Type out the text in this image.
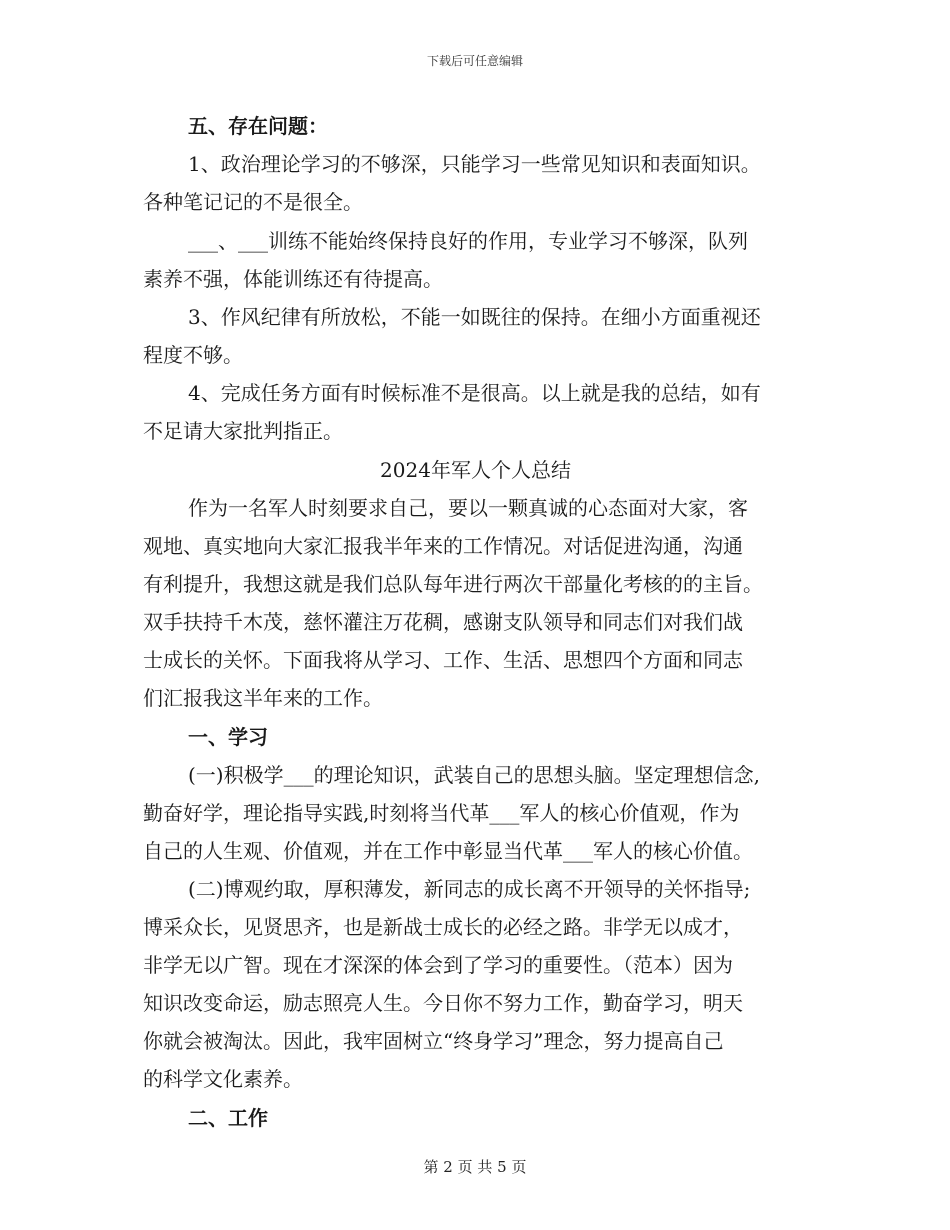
下载后可任意编辑
五、存在问题：
1、政治理论学习的不够深，只能学习一些常见知识和表面知识。
各种笔记记的不是很全。
___、___训练不能始终保持良好的作用，专业学习不够深，队列
素养不强，体能训练还有待提高。
3、作风纪律有所放松，不能一如既往的保持。在细小方面重视还
程度不够。
4、完成任务方面有时候标准不是很高。以上就是我的总结，如有
不足请大家批判指正。
2024年军人个人总结
作为一名军人时刻要求自己，要以一颗真诚的心态面对大家，客
观地、真实地向大家汇报我半年来的工作情况。对话促进沟通，沟通
有利提升，我想这就是我们总队每年进行两次干部量化考核的的主旨。
双手扶持千木茂，慈怀灌注万花稠，感谢支队领导和同志们对我们战
士成长的关怀。下面我将从学习、工作、生活、思想四个方面和同志
们汇报我这半年来的工作。
一、学习
(一)积极学___的理论知识，武装自己的思想头脑。坚定理想信念,
勤奋好学，理论指导实践,时刻将当代革___军人的核心价值观，作为
自己的人生观、价值观，并在工作中彰显当代革___军人的核心价值。
(二)博观约取，厚积薄发，新同志的成长离不开领导的关怀指导;
博采众长，见贤思齐，也是新战士成长的必经之路。非学无以成才，
非学无以广智。现在才深深的体会到了学习的重要性。（范本）因为
知识改变命运，励志照亮人生。今日你不努力工作，勤奋学习，明天
你就会被淘汰。因此，我牢固树立“终身学习”理念，努力提高自己
的科学文化素养。
二、工作
第 2 页 共 5 页
